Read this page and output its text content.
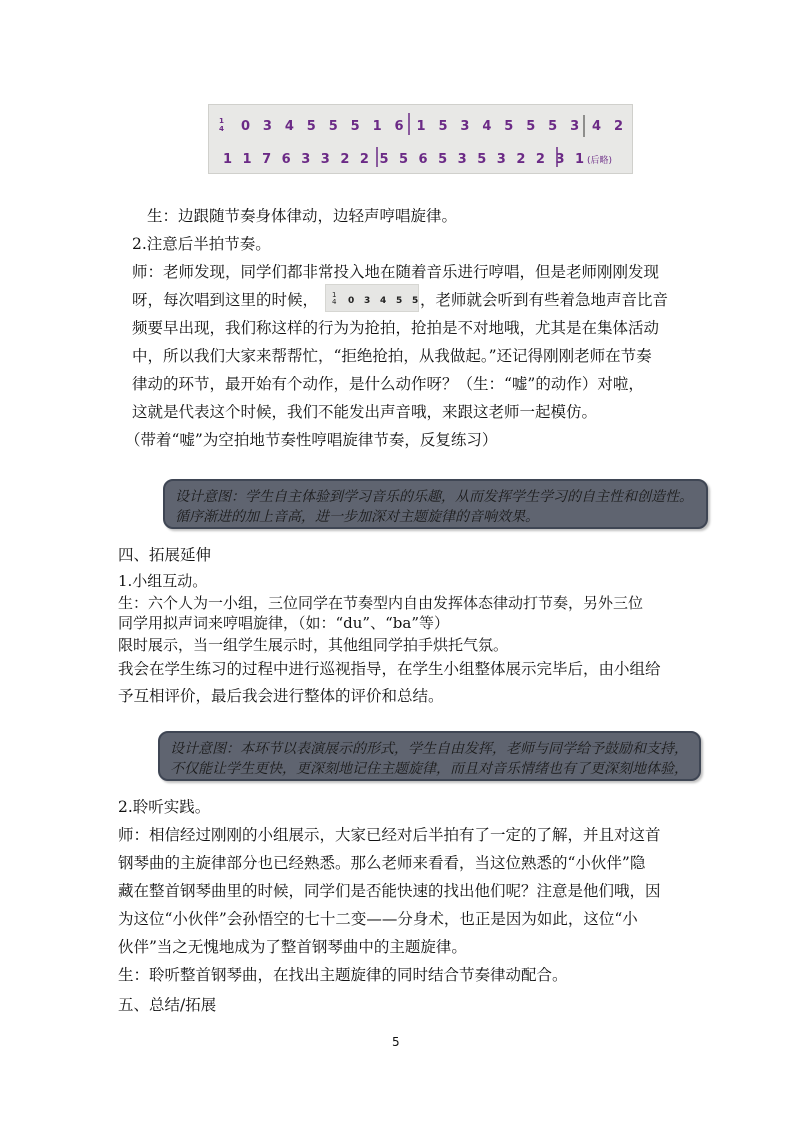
1
4 0 3 4 5 5 5 1 6 1 5 3 4 5 5 5 3 4 2
1 1 7 6 3 3 2 2 5 5 6 5 3 5 3 2 2 3 1 (后略)
生：边跟随节奏身体律动，边轻声哼唱旋律。
2.注意后半拍节奏。
师：老师发现，同学们都非常投入地在随着音乐进行哼唱，但是老师刚刚发现
呀，每次唱到这里的时候， 1
4 0 3 4 5 5 ，老师就会听到有些着急地声音比音
频要早出现，我们称这样的行为为抢拍，抢拍是不对地哦，尤其是在集体活动
中，所以我们大家来帮帮忙，“拒绝抢拍，从我做起。”还记得刚刚老师在节奏
律动的环节，最开始有个动作，是什么动作呀？（生：“嘘”的动作）对啦，
这就是代表这个时候，我们不能发出声音哦，来跟这老师一起模仿。
（带着“嘘”为空拍地节奏性哼唱旋律节奏，反复练习）
设计意图：学生自主体验到学习音乐的乐趣，从而发挥学生学习的自主性和创造性。
循序渐进的加上音高，进一步加深对主题旋律的音响效果。
四、拓展延伸
1.小组互动。
生：六个人为一小组，三位同学在节奏型内自由发挥体态律动打节奏，另外三位
同学用拟声词来哼唱旋律，（如：“du”、“ba”等）
限时展示，当一组学生展示时，其他组同学拍手烘托气氛。
我会在学生练习的过程中进行巡视指导，在学生小组整体展示完毕后，由小组给
予互相评价，最后我会进行整体的评价和总结。
设计意图：本环节以表演展示的形式，学生自由发挥，老师与同学给予鼓励和支持，
不仅能让学生更快，更深刻地记住主题旋律，而且对音乐情绪也有了更深刻地体验，
2.聆听实践。
师：相信经过刚刚的小组展示，大家已经对后半拍有了一定的了解，并且对这首
钢琴曲的主旋律部分也已经熟悉。那么老师来看看，当这位熟悉的“小伙伴”隐
藏在整首钢琴曲里的时候，同学们是否能快速的找出他们呢？注意是他们哦，因
为这位“小伙伴”会孙悟空的七十二变——分身术，也正是因为如此，这位“小
伙伴”当之无愧地成为了整首钢琴曲中的主题旋律。
生：聆听整首钢琴曲，在找出主题旋律的同时结合节奏律动配合。
五、总结/拓展
5
